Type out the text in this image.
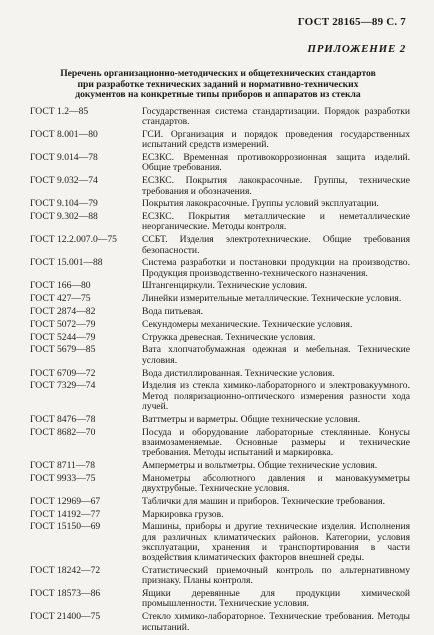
ГОСТ 28165—89 С. 7
ПРИЛОЖЕНИЕ 2
Перечень организационно-методических и общетехнических стандартов при разработке технических заданий и нормативно-технических документов на конкретные типы приборов и аппаратов из стекла
ГОСТ 1.2—85	Государственная система стандартизации. Порядок разработки стандартов.
ГОСТ 8.001—80	ГСИ. Организация и порядок проведения государственных испытаний средств измерений.
ГОСТ 9.014—78	ЕСЗКС. Временная противокоррозионная защита изделий. Общие требования.
ГОСТ 9.032—74	ЕСЗКС. Покрытия лакокрасочные. Группы, технические требования и обозначения.
ГОСТ 9.104—79	Покрытия лакокрасочные. Группы условий эксплуатации.
ГОСТ 9.302—88	ЕСЗКС. Покрытия металлические и неметаллические неорганические. Методы контроля.
ГОСТ 12.2.007.0—75	ССБТ. Изделия электротехнические. Общие требования безопасности.
ГОСТ 15.001—88	Система разработки и постановки продукции на производство. Продукция производственно-технического назначения.
ГОСТ 166—80	Штангенциркули. Технические условия.
ГОСТ 427—75	Линейки измерительные металлические. Технические условия.
ГОСТ 2874—82	Вода питьевая.
ГОСТ 5072—79	Секундомеры механические. Технические условия.
ГОСТ 5244—79	Стружка древесная. Технические условия.
ГОСТ 5679—85	Вата хлопчатобумажная одежная и мебельная. Технические условия.
ГОСТ 6709—72	Вода дистиллированная. Технические условия.
ГОСТ 7329—74	Изделия из стекла химико-лабораторного и электровакуумного. Метод поляризационно-оптического измерения разности хода лучей.
ГОСТ 8476—78	Ваттметры и варметры. Общие технические условия.
ГОСТ 8682—70	Посуда и оборудование лабораторные стеклянные. Конусы взаимозаменяемые. Основные размеры и технические требования. Методы испытаний и маркировка.
ГОСТ 8711—78	Амперметры и вольтметры. Общие технические условия.
ГОСТ 9933—75	Манометры абсолютного давления и мановакуумметры двухтрубные. Технические условия.
ГОСТ 12969—67	Таблички для машин и приборов. Технические требования.
ГОСТ 14192—77	Маркировка грузов.
ГОСТ 15150—69	Машины, приборы и другие технические изделия. Исполнения для различных климатических районов. Категории, условия эксплуатации, хранения и транспортирования в части воздействия климатических факторов внешней среды.
ГОСТ 18242—72	Статистический приемочный контроль по альтернативному признаку. Планы контроля.
ГОСТ 18573—86	Ящики деревянные для продукции химической промышленности. Технические условия.
ГОСТ 21400—75	Стекло химико-лабораторное. Технические требования. Методы испытаний.
